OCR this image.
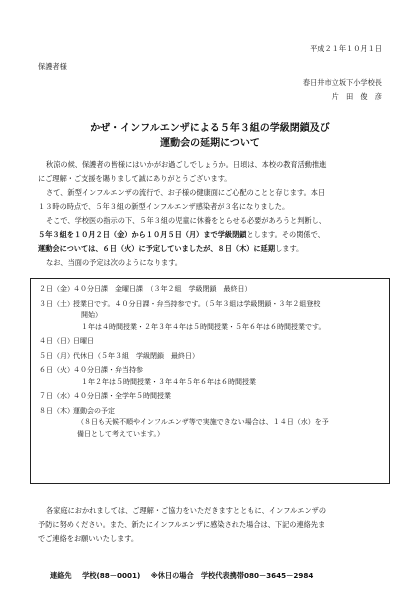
平成２１年１０月１日
保護者様
春日井市立坂下小学校長
片　田　俊　彦
かぜ・インフルエンザによる５年３組の学級閉鎖及び
運動会の延期について
秋涼の候、保護者の皆様にはいかがお過ごしでしょうか。日頃は、本校の教育活動推進
にご理解・ご支援を賜りまして誠にありがとうございます。
さて、新型インフルエンザの流行で、お子様の健康面にご心配のことと存じます。本日
１３時の時点で、５年３組の新型インフルエンザ感染者が３名になりました。
そこで、学校医の指示の下、５年３組の児童に休養をとらせる必要があろうと判断し、
５年３組を１０月２日（金）から１０月５日（月）まで学級閉鎖とします。その関係で、
運動会については、６日（火）に予定していましたが、８日（木）に延期します。
なお、当面の予定は次のようになります。
２日（金） ４０分日課　金曜日課　（３年２組　学級閉鎖　最終日）
３日（土） 授業日です。４０分日課・弁当持参です。（５年３組は学級閉鎖・３年２組登校
開始）
１年は４時間授業・２年３年４年は５時間授業・５年６年は６時間授業です。
４日（日） 日曜日
５日（月） 代休日（５年３組　学級閉鎖　最終日）
６日（火） ４０分日課・弁当持参
１年２年は５時間授業・３年４年５年６年は６時間授業
７日（水） ４０分日課・全学年５時間授業
８日（木） 運動会の予定
（８日も天候不順やインフルエンザ等で実施できない場合は、１４日（水）を予
備日として考えています。）
各家庭におかれましては、ご理解・ご協力をいただきますとともに、インフルエンザの
予防に努めください。また、新たにインフルエンザに感染された場合は、下記の連絡先ま
でご連絡をお願いいたします。
連絡先 学校(88－0001) ※休日の場合　学校代表携帯080－3645－2984
